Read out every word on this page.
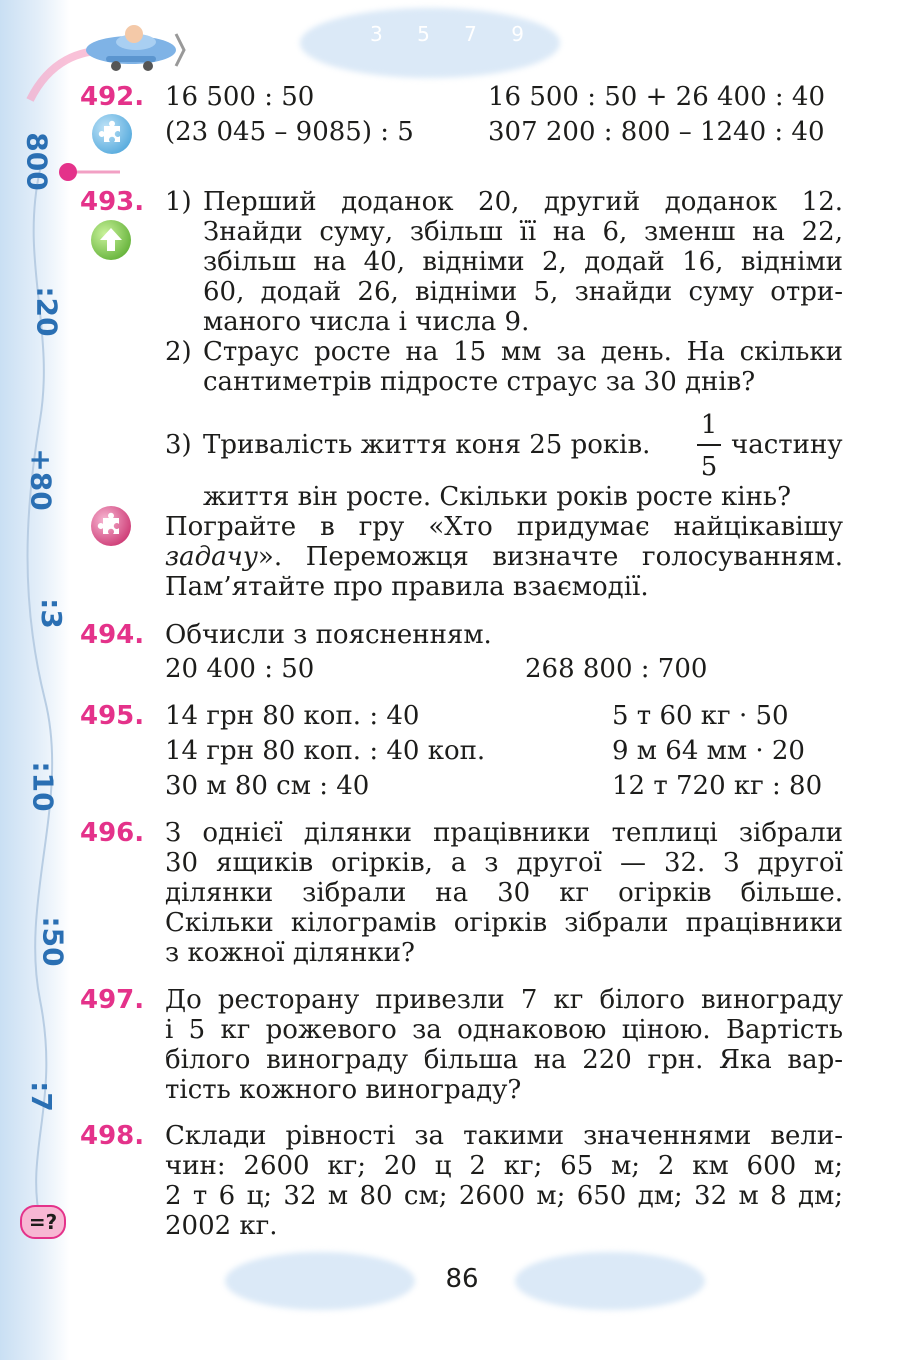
3 5 7 9
800
:20
+80
:3
:10
:50
:7
=?
492. 16 500 : 50	16 500 : 50 + 26 400 : 40
(23 045 – 9085) : 5	307 200 : 800 – 1240 : 40
493. 1) Перший доданок 20, другий доданок 12.
Знайди суму, збільш її на 6, зменш на 22,
збільш на 40, відніми 2, додай 16, відніми
60, додай 26, відніми 5, знайди суму отри-
маного числа і числа 9.
2) Страус росте на 15 мм за день. На скільки
сантиметрів підросте страус за 30 днів?
3) Тривалість життя коня 25 років.
1
5
частину
життя він росте. Скільки років росте кінь?
Пограйте в гру «Хто придумає найцікавішу
задачу». Переможця визначте голосуванням.
Пам’ятайте про правила взаємодії.
494. Обчисли з поясненням.
20 400 : 50	268 800 : 700
495. 14 грн 80 коп. : 40	5 т 60 кг · 50
14 грн 80 коп. : 40 коп.	9 м 64 мм · 20
30 м 80 см : 40	12 т 720 кг : 80
496. З однієї ділянки працівники теплиці зібрали
30 ящиків огірків, а з другої — 32. З другої
ділянки зібрали на 30 кг огірків більше.
Скільки кілограмів огірків зібрали працівники
з кожної ділянки?
497. До ресторану привезли 7 кг білого винограду
і 5 кг рожевого за однаковою ціною. Вартість
білого винограду більша на 220 грн. Яка вар-
тість кожного винограду?
498. Склади рівності за такими значеннями вели-
чин: 2600 кг; 20 ц 2 кг; 65 м; 2 км 600 м;
2 т 6 ц; 32 м 80 см; 2600 м; 650 дм; 32 м 8 дм;
2002 кг.
86
